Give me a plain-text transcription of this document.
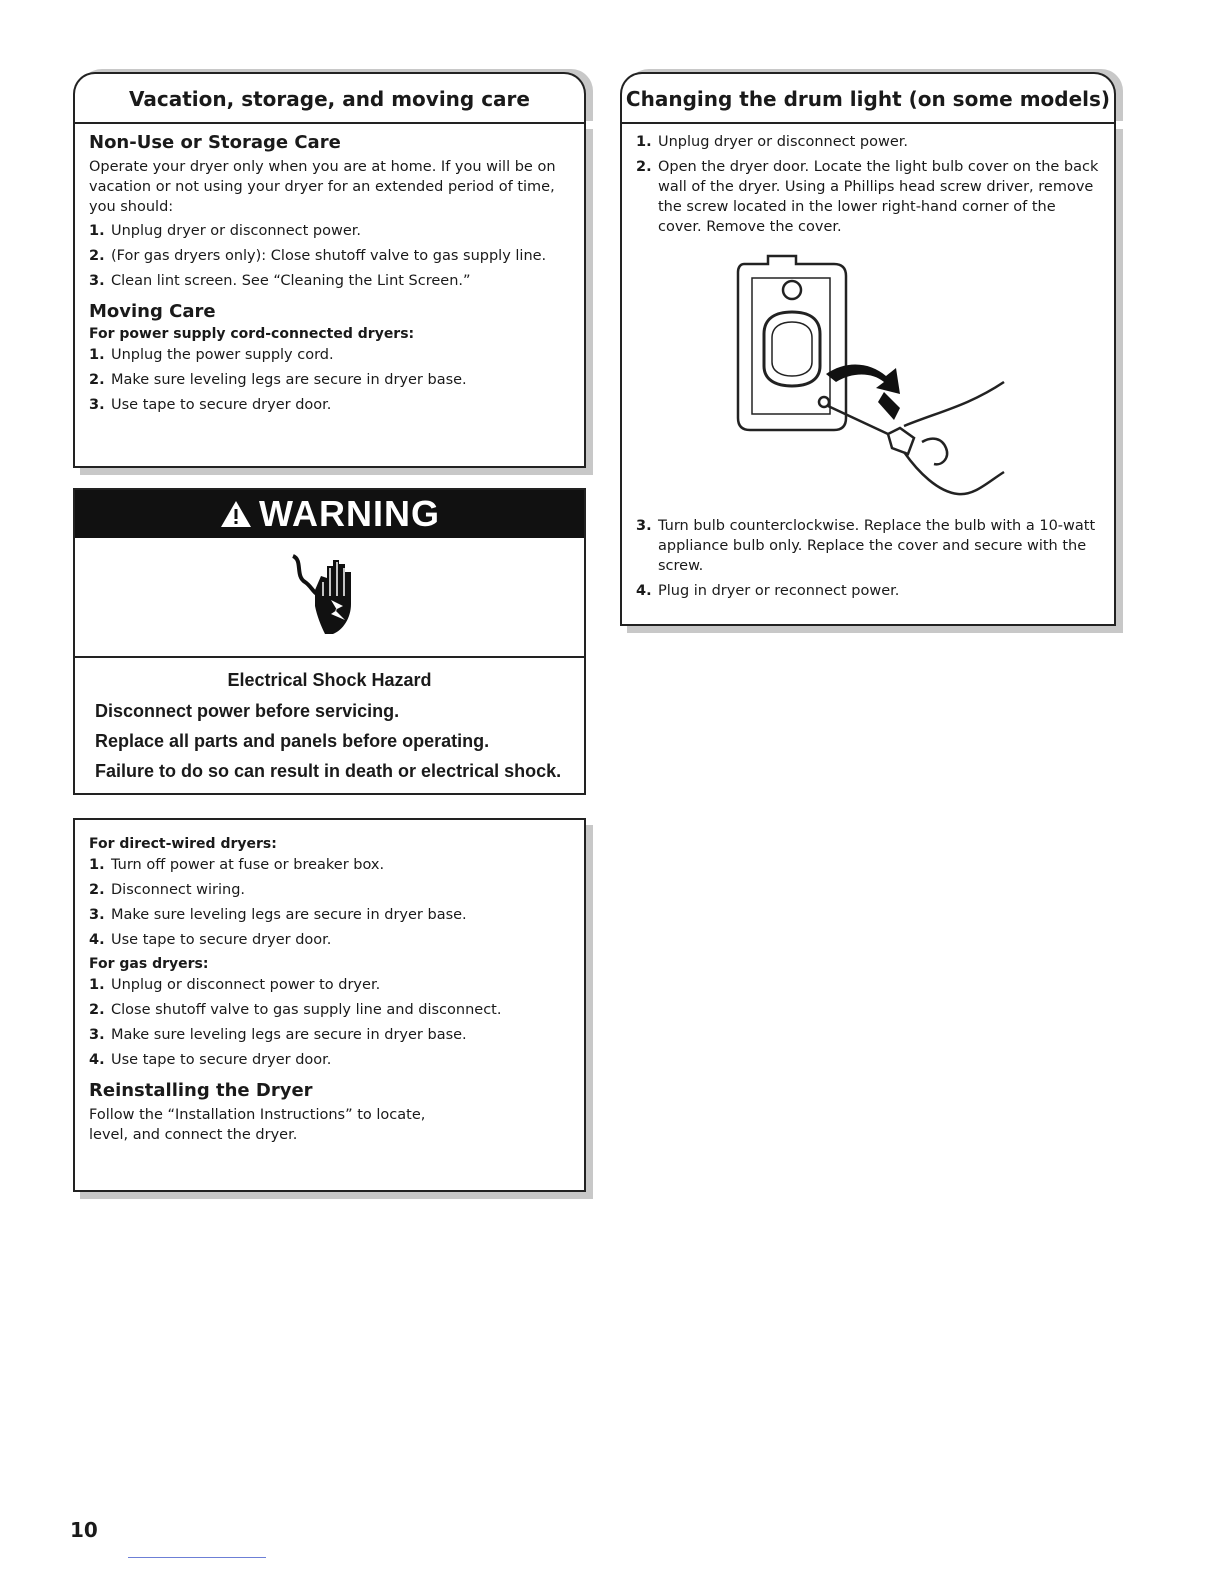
Vacation, storage, and moving care
Non-Use or Storage Care

Operate your dryer only when you are at home. If you will be on vacation or not using your dryer for an extended period of time, you should:

1. Unplug dryer or disconnect power.
2. (For gas dryers only): Close shutoff valve to gas supply line.
3. Clean lint screen. See “Cleaning the Lint Screen.”
Moving Care
For power supply cord-connected dryers:
1. Unplug the power supply cord.
2. Make sure leveling legs are secure in dryer base.
3. Use tape to secure dryer door.
WARNING
Electrical Shock Hazard
Disconnect power before servicing.
Replace all parts and panels before operating.
Failure to do so can result in death or electrical shock.
For direct-wired dryers:
1. Turn off power at fuse or breaker box.
2. Disconnect wiring.
3. Make sure leveling legs are secure in dryer base.
4. Use tape to secure dryer door.
For gas dryers:
1. Unplug or disconnect power to dryer.
2. Close shutoff valve to gas supply line and disconnect.
3. Make sure leveling legs are secure in dryer base.
4. Use tape to secure dryer door.
Reinstalling the Dryer

Follow the “Installation Instructions” to locate, level, and connect the dryer.

Changing the drum light (on some models)
1. Unplug dryer or disconnect power.
2. Open the dryer door. Locate the light bulb cover on the back wall of the dryer. Using a Phillips head screw driver, remove the screw located in the lower right-hand corner of the cover. Remove the cover.
3. Turn bulb counterclockwise. Replace the bulb with a 10-watt appliance bulb only. Replace the cover and secure with the screw.
4. Plug in dryer or reconnect power.
10
